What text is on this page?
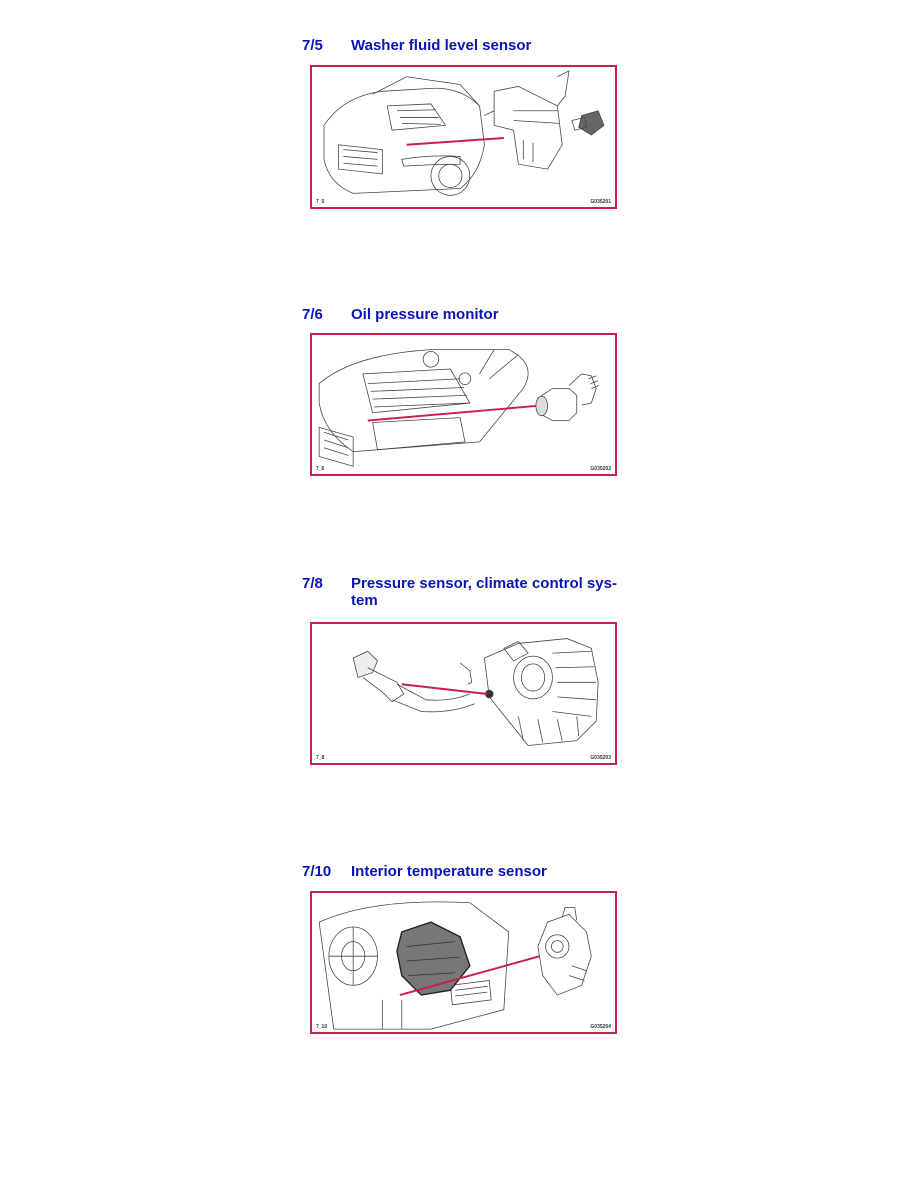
7/5 Washer fluid level sensor
7_5	G035201
7/6 Oil pressure monitor
7_6	G035202
7/8 Pressure sensor, climate control sys-
tem
7_8	G035203
7/10 Interior temperature sensor
7_10	G035204
